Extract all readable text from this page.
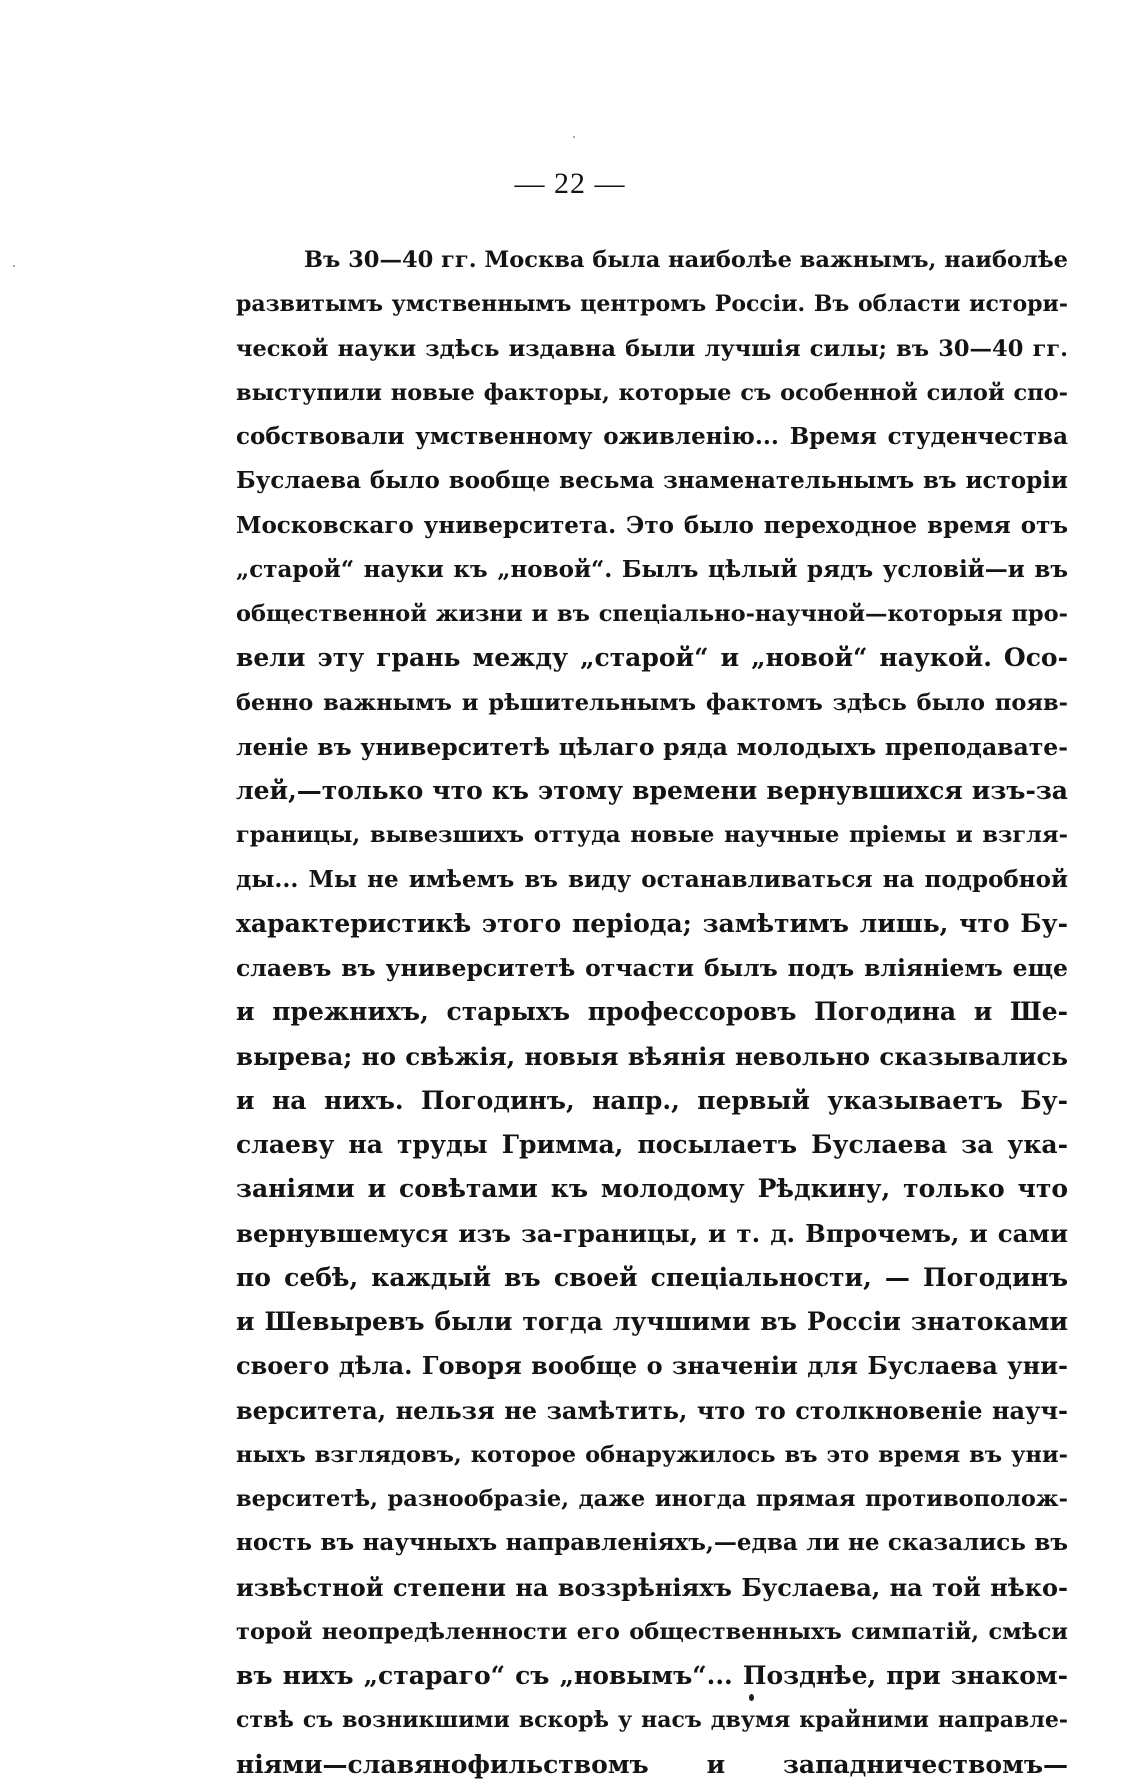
— 22 —
Въ 30—40 гг. Москва была наиболѣе важнымъ, наиболѣе
развитымъ умственнымъ центромъ Россіи. Въ области истори-
ческой науки здѣсь издавна были лучшія силы; въ 30—40 гг.
выступили новые факторы, которые съ особенной силой спо-
собствовали умственному оживленію... Время студенчества
Буслаева было вообще весьма знаменательнымъ въ исторіи
Московскаго университета. Это было переходное время отъ
„старой“ науки къ „новой“. Былъ цѣлый рядъ условій—и въ
общественной жизни и въ спеціально-научной—которыя про-
вели эту грань между „старой“ и „новой“ наукой. Осо-
бенно важнымъ и рѣшительнымъ фактомъ здѣсь было появ-
леніе въ университетѣ цѣлаго ряда молодыхъ преподавате-
лей,—только что къ этому времени вернувшихся изъ-за
границы, вывезшихъ оттуда новые научные пріемы и взгля-
ды... Мы не имѣемъ въ виду останавливаться на подробной
характеристикѣ этого періода; замѣтимъ лишь, что Бу-
слаевъ въ университетѣ отчасти былъ подъ вліяніемъ еще
и прежнихъ, старыхъ профессоровъ Погодина и Ше-
вырева; но свѣжія, новыя вѣянія невольно сказывались
и на нихъ. Погодинъ, напр., первый указываетъ Бу-
слаеву на труды Гримма, посылаетъ Буслаева за ука-
заніями и совѣтами къ молодому Рѣдкину, только что
вернувшемуся изъ за-границы, и т. д. Впрочемъ, и сами
по себѣ, каждый въ своей спеціальности, — Погодинъ
и Шевыревъ были тогда лучшими въ Россіи знатоками
своего дѣла. Говоря вообще о значеніи для Буслаева уни-
верситета, нельзя не замѣтить, что то столкновеніе науч-
ныхъ взглядовъ, которое обнаружилось въ это время въ уни-
верситетѣ, разнообразіе, даже иногда прямая противополож-
ность въ научныхъ направленіяхъ,—едва ли не сказались въ
извѣстной степени на воззрѣніяхъ Буслаева, на той нѣко-
торой неопредѣленности его общественныхъ симпатій, смѣси
въ нихъ „стараго“ съ „новымъ“... Позднѣе, при знаком-
ствѣ съ возникшими вскорѣ у насъ двумя крайними направле-
ніями—славянофильствомъ и западничествомъ—
